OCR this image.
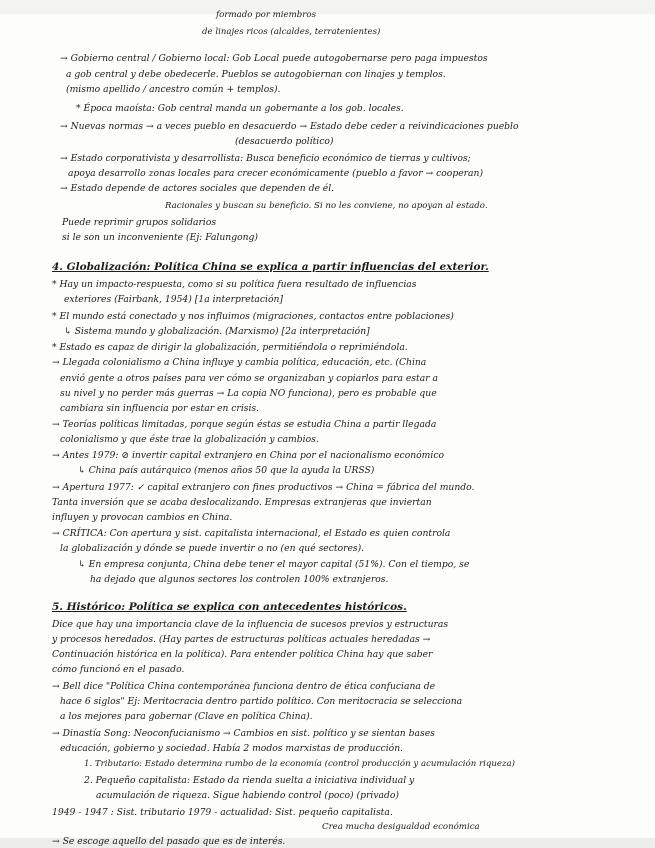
formado por miembros
de linajes ricos (alcaldes, terratenientes)
→ Gobierno central / Gobierno local: Gob Local puede autogobernarse pero paga impuestos
a gob central y debe obedecerle. Pueblos se autogobiernan con linajes y templos.
(mismo apellido / ancestro común + templos).
* Época maoísta: Gob central manda un gobernante a los gob. locales.
→ Nuevas normas → a veces pueblo en desacuerdo → Estado debe ceder a reivindicaciones pueblo
(desacuerdo político)
→ Estado corporativista y desarrollista: Busca beneficio económico de tierras y cultivos;
apoya desarrollo zonas locales para crecer económicamente (pueblo a favor → cooperan)
→ Estado depende de actores sociales que dependen de él.
Racionales y buscan su beneficio. Si no les conviene, no apoyan al estado.
Puede reprimir grupos solidarios
si le son un inconveniente (Ej: Falungong)
4. Globalización: Política China se explica a partir influencias del exterior.
* Hay un impacto-respuesta, como si su política fuera resultado de influencias
exteriores (Fairbank, 1954) [1a interpretación]
* El mundo está conectado y nos influimos (migraciones, contactos entre poblaciones)
↳ Sistema mundo y globalización. (Marxismo) [2a interpretación]
* Estado es capaz de dirigir la globalización, permitiéndola o reprimiéndola.
→ Llegada colonialismo a China influye y cambia política, educación, etc. (China
envió gente a otros países para ver cómo se organizaban y copiarlos para estar a
su nivel y no perder más guerras → La copia NO funciona), pero es probable que
cambiara sin influencia por estar en crisis.
→ Teorías políticas limitadas, porque según éstas se estudia China a partir llegada
colonialismo y que éste trae la globalización y cambios.
→ Antes 1979: ⊘ invertir capital extranjero en China por el nacionalismo económico
↳ China país autárquico (menos años 50 que la ayuda la URSS)
→ Apertura 1977: ✓ capital extranjero con fines productivos → China = fábrica del mundo.
Tanta inversión que se acaba deslocalizando. Empresas extranjeras que inviertan
influyen y provocan cambios en China.
→ CRÍTICA: Con apertura y sist. capitalista internacional, el Estado es quien controla
la globalización y dónde se puede invertir o no (en qué sectores).
↳ En empresa conjunta, China debe tener el mayor capital (51%). Con el tiempo, se
ha dejado que algunos sectores los controlen 100% extranjeros.
5. Histórico: Política se explica con antecedentes históricos.
Dice que hay una importancia clave de la influencia de sucesos previos y estructuras
y procesos heredados. (Hay partes de estructuras políticas actuales heredadas →
Continuación histórica en la política). Para entender política China hay que saber
cómo funcionó en el pasado.
→ Bell dice "Política China contemporánea funciona dentro de ética confuciana de
hace 6 siglos" Ej: Meritocracia dentro partido político. Con meritocracia se selecciona
a los mejores para gobernar (Clave en política China).
→ Dinastía Song: Neoconfucianismo → Cambios en sist. político y se sientan bases
educación, gobierno y sociedad. Había 2 modos marxistas de producción.
1. Tributario: Estado determina rumbo de la economía (control producción y acumulación riqueza)
2. Pequeño capitalista: Estado da rienda suelta a iniciativa individual y
acumulación de riqueza. Sigue habiendo control (poco) (privado)
1949 - 1947 : Sist. tributario 1979 - actualidad: Sist. pequeño capitalista.
Crea mucha desigualdad económica
→ Se escoge aquello del pasado que es de interés.
